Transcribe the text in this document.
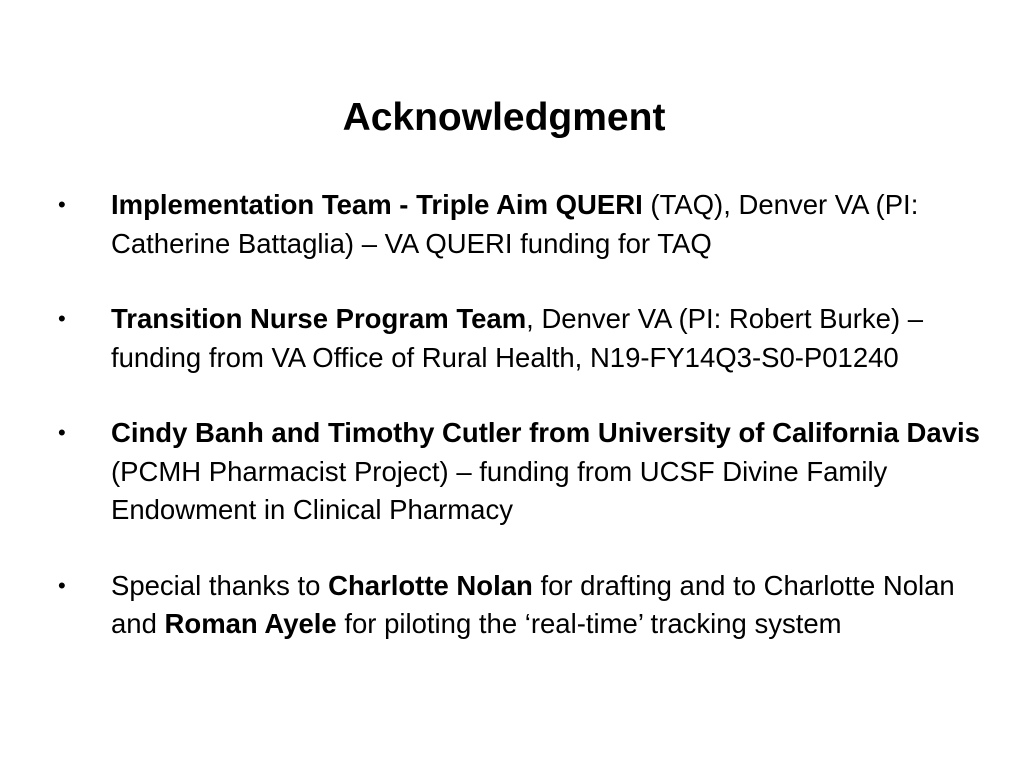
Acknowledgment
• Implementation Team - Triple Aim QUERI (TAQ), Denver VA (PI: Catherine Battaglia) – VA QUERI funding for TAQ
• Transition Nurse Program Team, Denver VA (PI: Robert Burke) – funding from VA Office of Rural Health, N19-FY14Q3-S0-P01240
• Cindy Banh and Timothy Cutler from University of California Davis (PCMH Pharmacist Project) – funding from UCSF Divine Family Endowment in Clinical Pharmacy
• Special thanks to Charlotte Nolan for drafting and to Charlotte Nolan and Roman Ayele for piloting the ‘real-time’ tracking system
